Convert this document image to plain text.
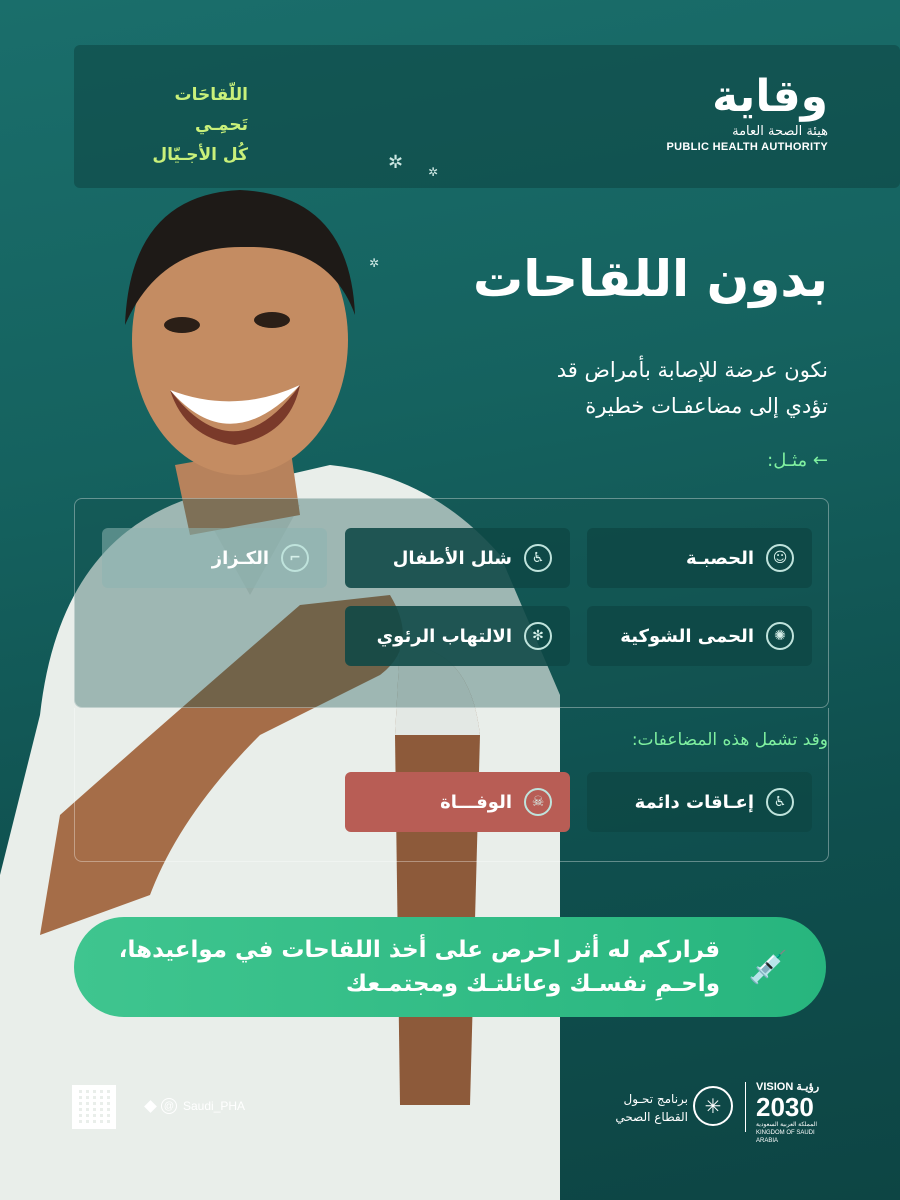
اللّقاحَات
تَحمِـي
كُل الأجـيّال
وقاية
هيئة الصحة العامة
PUBLIC HEALTH AUTHORITY
✲ ✲
✲ بدون اللقاحات
نكون عرضة للإصابة بأمراض قد
تؤدي إلى مضاعفـات خطيرة
← مثـل:
☺
الحصبـة
♿
شلل الأطفال
⌐
الكـزاز
✺
الحمى الشوكية
✻
الالتهاب الرئوي
وقد تشمل هذه المضاعفات:
♿
إعـاقات دائمة
☠
الوفـــاة
💉
قراركم له أثر احرص على أخذ اللقاحات في مواعيدها،
واحـمِ نفسـك وعائلتـك ومجتمـعك
@ Saudi_PHA	برنامج تحـول
القطاع الصحي ✳
VISION رؤيـة
2030
المملكة العربية السعودية
KINGDOM OF SAUDI ARABIA
